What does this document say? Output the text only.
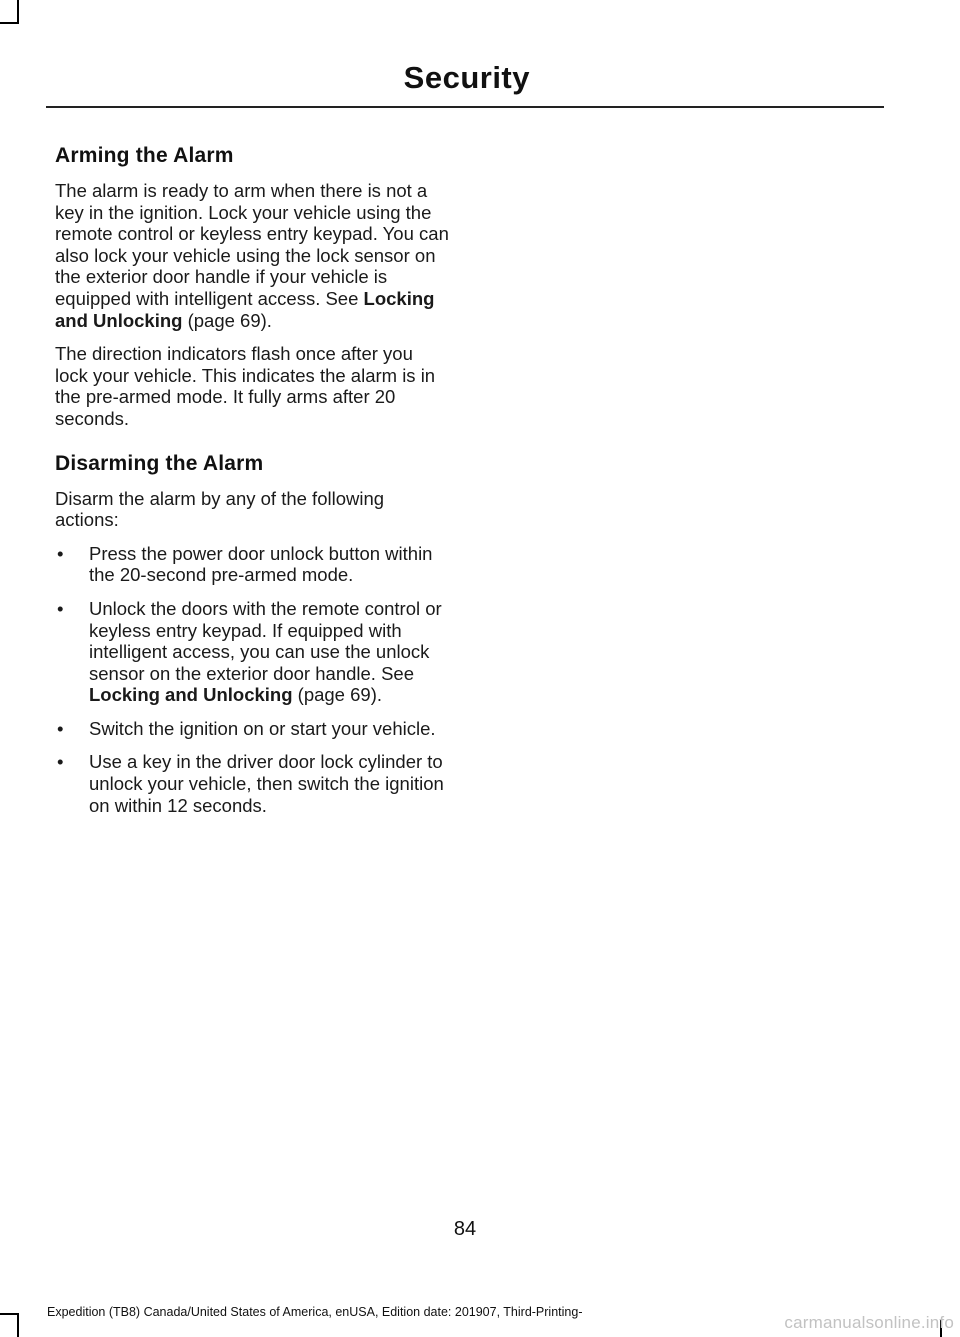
Security
Arming the Alarm

The alarm is ready to arm when there is not a key in the ignition. Lock your vehicle using the remote control or keyless entry keypad. You can also lock your vehicle using the lock sensor on the exterior door handle if your vehicle is equipped with intelligent access. See Locking and Unlocking (page 69).

The direction indicators flash once after you lock your vehicle. This indicates the alarm is in the pre-armed mode. It fully arms after 20 seconds.

Disarming the Alarm

Disarm the alarm by any of the following actions:

• Press the power door unlock button within the 20-second pre-armed mode.
• Unlock the doors with the remote control or keyless entry keypad. If equipped with intelligent access, you can use the unlock sensor on the exterior door handle. See Locking and Unlocking (page 69).
• Switch the ignition on or start your vehicle.
• Use a key in the driver door lock cylinder to unlock your vehicle, then switch the ignition on within 12 seconds.
84
Expedition (TB8) Canada/United States of America, enUSA, Edition date: 201907, Third-Printing-
carmanualsonline.info
